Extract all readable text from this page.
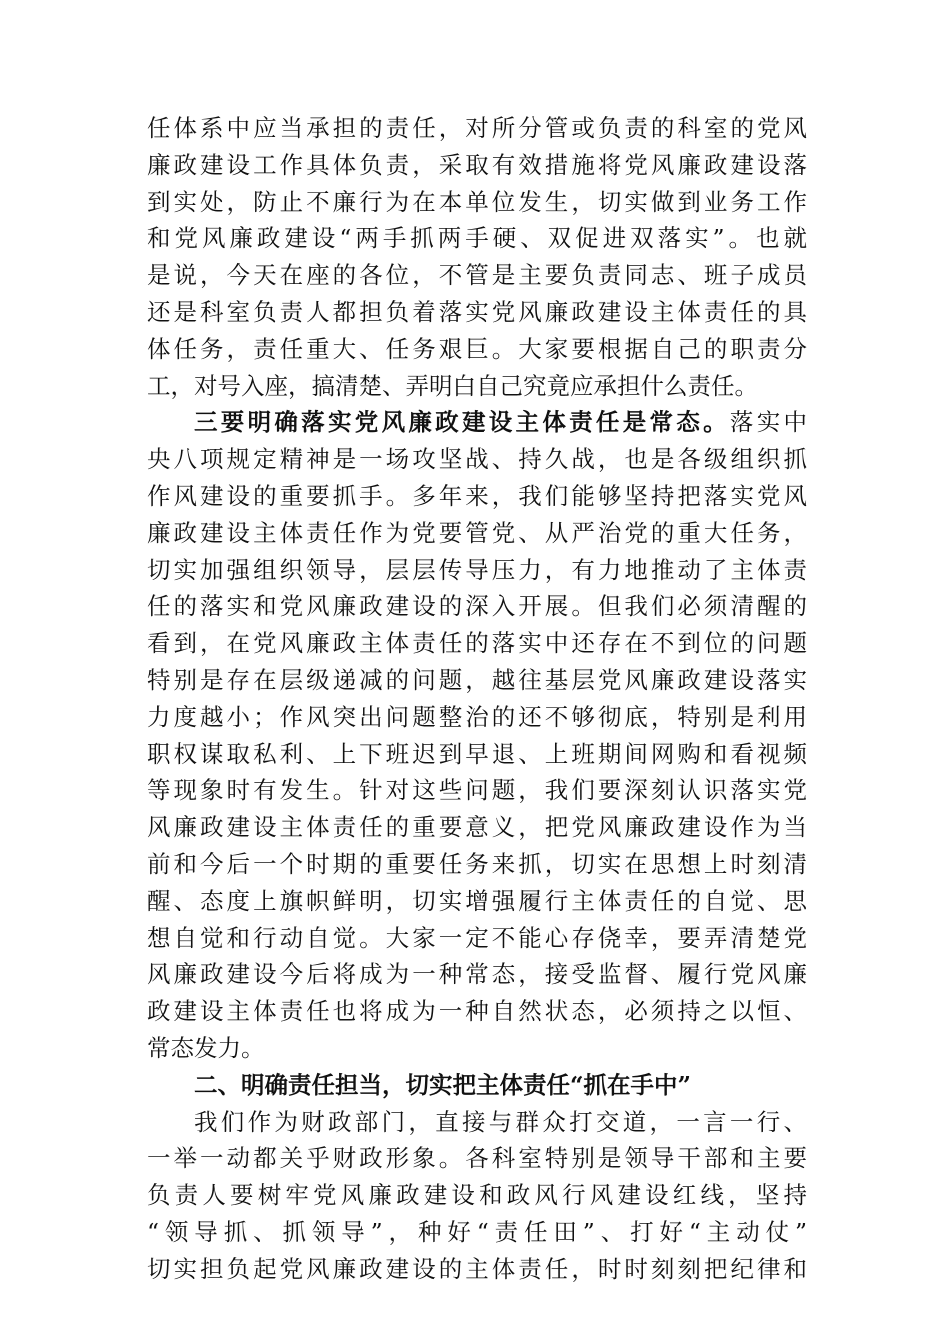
任体系中应当承担的责任，对所分管或负责的科室的党风
廉政建设工作具体负责，采取有效措施将党风廉政建设落
到实处，防止不廉行为在本单位发生，切实做到业务工作
和党风廉政建设“两手抓两手硬、双促进双落实”。也就
是说，今天在座的各位，不管是主要负责同志、班子成员
还是科室负责人都担负着落实党风廉政建设主体责任的具
体任务，责任重大、任务艰巨。大家要根据自己的职责分
工，对号入座，搞清楚、弄明白自己究竟应承担什么责任。
三要明确落实党风廉政建设主体责任是常态。落实中
央八项规定精神是一场攻坚战、持久战，也是各级组织抓
作风建设的重要抓手。多年来，我们能够坚持把落实党风
廉政建设主体责任作为党要管党、从严治党的重大任务，
切实加强组织领导，层层传导压力，有力地推动了主体责
任的落实和党风廉政建设的深入开展。但我们必须清醒的
看到，在党风廉政主体责任的落实中还存在不到位的问题
特别是存在层级递减的问题，越往基层党风廉政建设落实
力度越小；作风突出问题整治的还不够彻底，特别是利用
职权谋取私利、上下班迟到早退、上班期间网购和看视频
等现象时有发生。针对这些问题，我们要深刻认识落实党
风廉政建设主体责任的重要意义，把党风廉政建设作为当
前和今后一个时期的重要任务来抓，切实在思想上时刻清
醒、态度上旗帜鲜明，切实增强履行主体责任的自觉、思
想自觉和行动自觉。大家一定不能心存侥幸，要弄清楚党
风廉政建设今后将成为一种常态，接受监督、履行党风廉
政建设主体责任也将成为一种自然状态，必须持之以恒、
常态发力。
二、明确责任担当，切实把主体责任“抓在手中”
我们作为财政部门，直接与群众打交道，一言一行、
一举一动都关乎财政形象。各科室特别是领导干部和主要
负责人要树牢党风廉政建设和政风行风建设红线，坚持
“领导抓、抓领导”，种好“责任田”、打好“主动仗”
切实担负起党风廉政建设的主体责任，时时刻刻把纪律和
